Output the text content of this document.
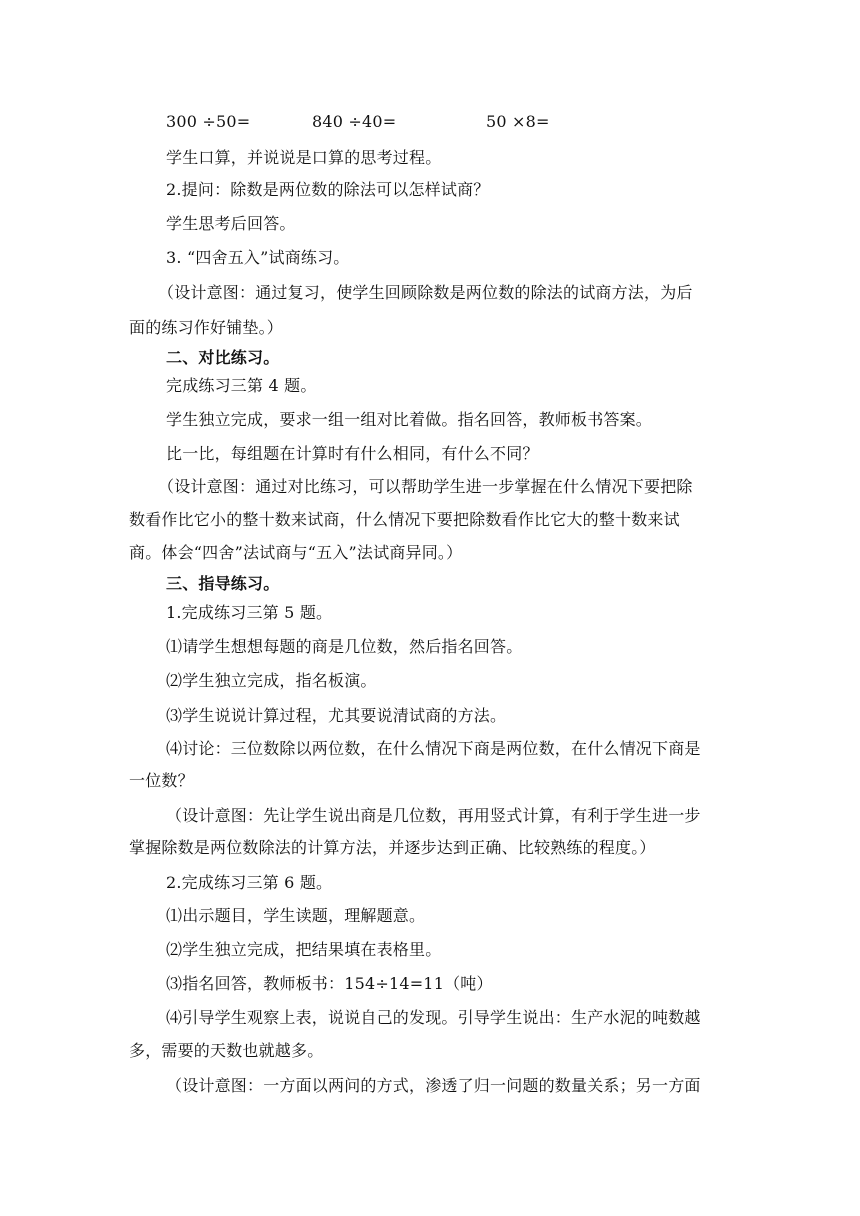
300 ÷50=	840 ÷40=	50 ×8=
学生口算，并说说是口算的思考过程。
2.提问：除数是两位数的除法可以怎样试商？
学生思考后回答。
3. “四舍五入”试商练习。
（设计意图：通过复习，使学生回顾除数是两位数的除法的试商方法，为后
面的练习作好铺垫。）
二、对比练习。
完成练习三第 4 题。
学生独立完成，要求一组一组对比着做。指名回答，教师板书答案。
比一比，每组题在计算时有什么相同，有什么不同？
（设计意图：通过对比练习，可以帮助学生进一步掌握在什么情况下要把除
数看作比它小的整十数来试商，什么情况下要把除数看作比它大的整十数来试
商。体会“四舍”法试商与“五入”法试商异同。）
三、指导练习。
1.完成练习三第 5 题。
⑴请学生想想每题的商是几位数，然后指名回答。
⑵学生独立完成，指名板演。
⑶学生说说计算过程，尤其要说清试商的方法。
⑷讨论：三位数除以两位数，在什么情况下商是两位数，在什么情况下商是
一位数？
（设计意图：先让学生说出商是几位数，再用竖式计算，有利于学生进一步
掌握除数是两位数除法的计算方法，并逐步达到正确、比较熟练的程度。）
2.完成练习三第 6 题。
⑴出示题目，学生读题，理解题意。
⑵学生独立完成，把结果填在表格里。
⑶指名回答，教师板书：154÷14=11（吨）
⑷引导学生观察上表，说说自己的发现。引导学生说出：生产水泥的吨数越
多，需要的天数也就越多。
（设计意图：一方面以两问的方式，渗透了归一问题的数量关系；另一方面
